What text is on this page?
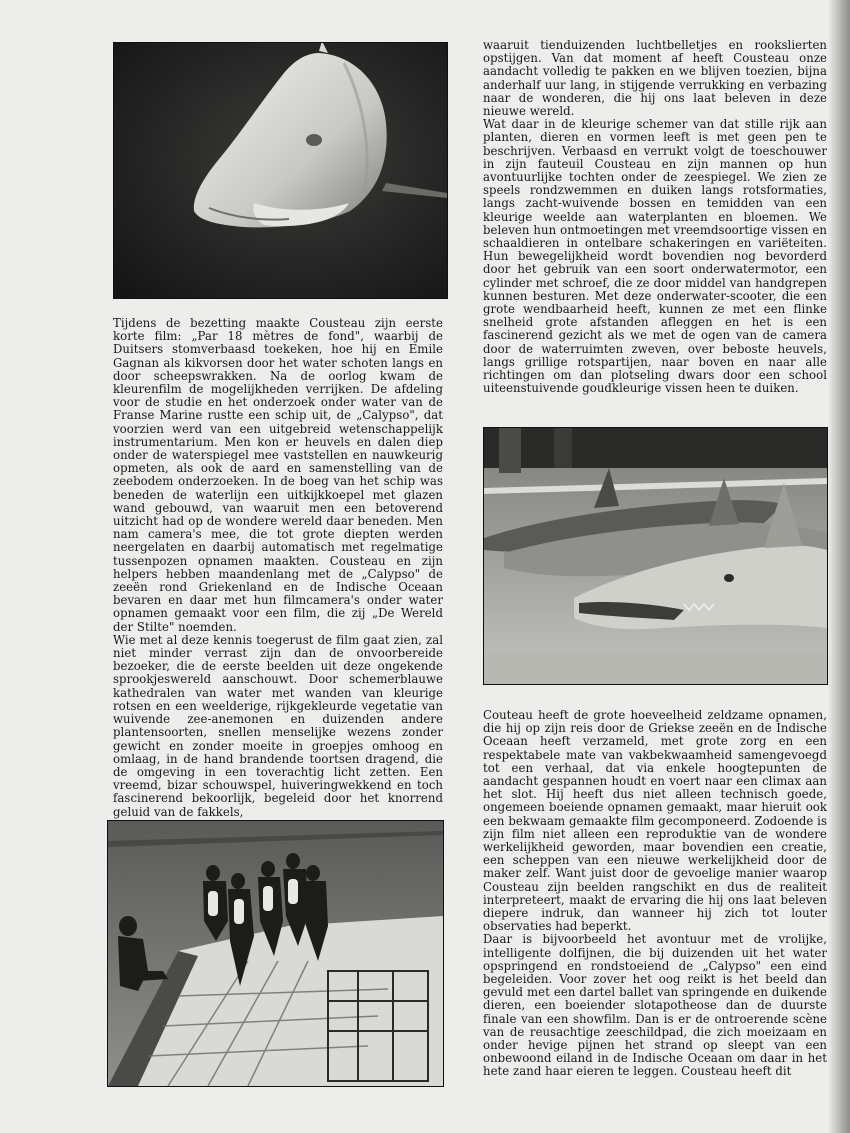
Tijdens de bezetting maakte Cousteau zijn eerste korte film: „Par 18 mètres de fond", waarbij de Duitsers stomverbaasd toekeken, hoe hij en Emile Gagnan als kikvorsen door het water schoten langs en door scheepswrakken. Na de oorlog kwam de kleurenfilm de mogelijkheden verrijken. De afdeling voor de studie en het onderzoek onder water van de Franse Marine rustte een schip uit, de „Calypso", dat voorzien werd van een uitgebreid wetenschappelijk instrumentarium. Men kon er heuvels en dalen diep onder de waterspiegel mee vaststellen en nauwkeurig opmeten, als ook de aard en samenstelling van de zeebodem onderzoeken. In de boeg van het schip was beneden de waterlijn een uitkijkkoepel met glazen wand gebouwd, van waaruit men een betoverend uitzicht had op de wondere wereld daar beneden. Men nam camera's mee, die tot grote diepten werden neergelaten en daarbij automatisch met regelmatige tussenpozen opnamen maakten. Cousteau en zijn helpers hebben maandenlang met de „Calypso" de zeeën rond Griekenland en de Indische Oceaan bevaren en daar met hun filmcamera's onder water opnamen gemaakt voor een film, die zij „De Wereld der Stilte" noemden.

Wie met al deze kennis toegerust de film gaat zien, zal niet minder verrast zijn dan de onvoorbereide bezoeker, die de eerste beelden uit deze ongekende sprookjeswereld aanschouwt. Door schemerblauwe kathedralen van water met wanden van kleurige rotsen en een weelderige, rijkgekleurde vegetatie van wuivende zee-anemonen en duizenden andere plantensoorten, snellen menselijke wezens zonder gewicht en zonder moeite in groepjes omhoog en omlaag, in de hand brandende toortsen dragend, die de omgeving in een toverachtig licht zetten. Een vreemd, bizar schouwspel, huiveringwekkend en toch fascinerend bekoorlijk, begeleid door het knorrend geluid van de fakkels,

waaruit tienduizenden luchtbelletjes en rookslierten opstijgen. Van dat moment af heeft Cousteau onze aandacht volledig te pakken en we blijven toezien, bijna anderhalf uur lang, in stijgende verrukking en verbazing naar de wonderen, die hij ons laat beleven in deze nieuwe wereld.

Wat daar in de kleurige schemer van dat stille rijk aan planten, dieren en vormen leeft is met geen pen te beschrijven. Verbaasd en verrukt volgt de toeschouwer in zijn fauteuil Cousteau en zijn mannen op hun avontuurlijke tochten onder de zeespiegel. We zien ze speels rondzwemmen en duiken langs rotsformaties, langs zacht-wuivende bossen en temidden van een kleurige weelde aan waterplanten en bloemen. We beleven hun ontmoetingen met vreemdsoortige vissen en schaaldieren in ontelbare schakeringen en variëteiten. Hun bewegelijkheid wordt bovendien nog bevorderd door het gebruik van een soort onderwatermotor, een cylinder met schroef, die ze door middel van handgrepen kunnen besturen. Met deze onderwater-scooter, die een grote wendbaarheid heeft, kunnen ze met een flinke snelheid grote afstanden afleggen en het is een fascinerend gezicht als we met de ogen van de camera door de waterruimten zweven, over beboste heuvels, langs grillige rotspartijen, naar boven en naar alle richtingen om dan plotseling dwars door een school uiteenstuivende goudkleurige vissen heen te duiken.

Couteau heeft de grote hoeveelheid zeldzame opnamen, die hij op zijn reis door de Griekse zeeën en de Indische Oceaan heeft verzameld, met grote zorg en een respektabele mate van vakbekwaamheid samengevoegd tot een verhaal, dat via enkele hoogtepunten de aandacht gespannen houdt en voert naar een climax aan het slot. Hij heeft dus niet alleen technisch goede, ongemeen boeiende opnamen gemaakt, maar hieruit ook een bekwaam gemaakte film gecomponeerd. Zodoende is zijn film niet alleen een reproduktie van de wondere werkelijkheid geworden, maar bovendien een creatie, een scheppen van een nieuwe werkelijkheid door de maker zelf. Want juist door de gevoelige manier waarop Cousteau zijn beelden rangschikt en dus de realiteit interpreteert, maakt de ervaring die hij ons laat beleven diepere indruk, dan wanneer hij zich tot louter observaties had beperkt.

Daar is bijvoorbeeld het avontuur met de vrolijke, intelligente dolfijnen, die bij duizenden uit het water opspringend en rondstoeiend de „Calypso" een eind begeleiden. Voor zover het oog reikt is het beeld dan gevuld met een dartel ballet van springende en duikende dieren, een boeiender slotapotheose dan de duurste finale van een showfilm. Dan is er de ontroerende scène van de reusachtige zeeschildpad, die zich moeizaam en onder hevige pijnen het strand op sleept van een onbewoond eiland in de Indische Oceaan om daar in het hete zand haar eieren te leggen. Cousteau heeft dit
